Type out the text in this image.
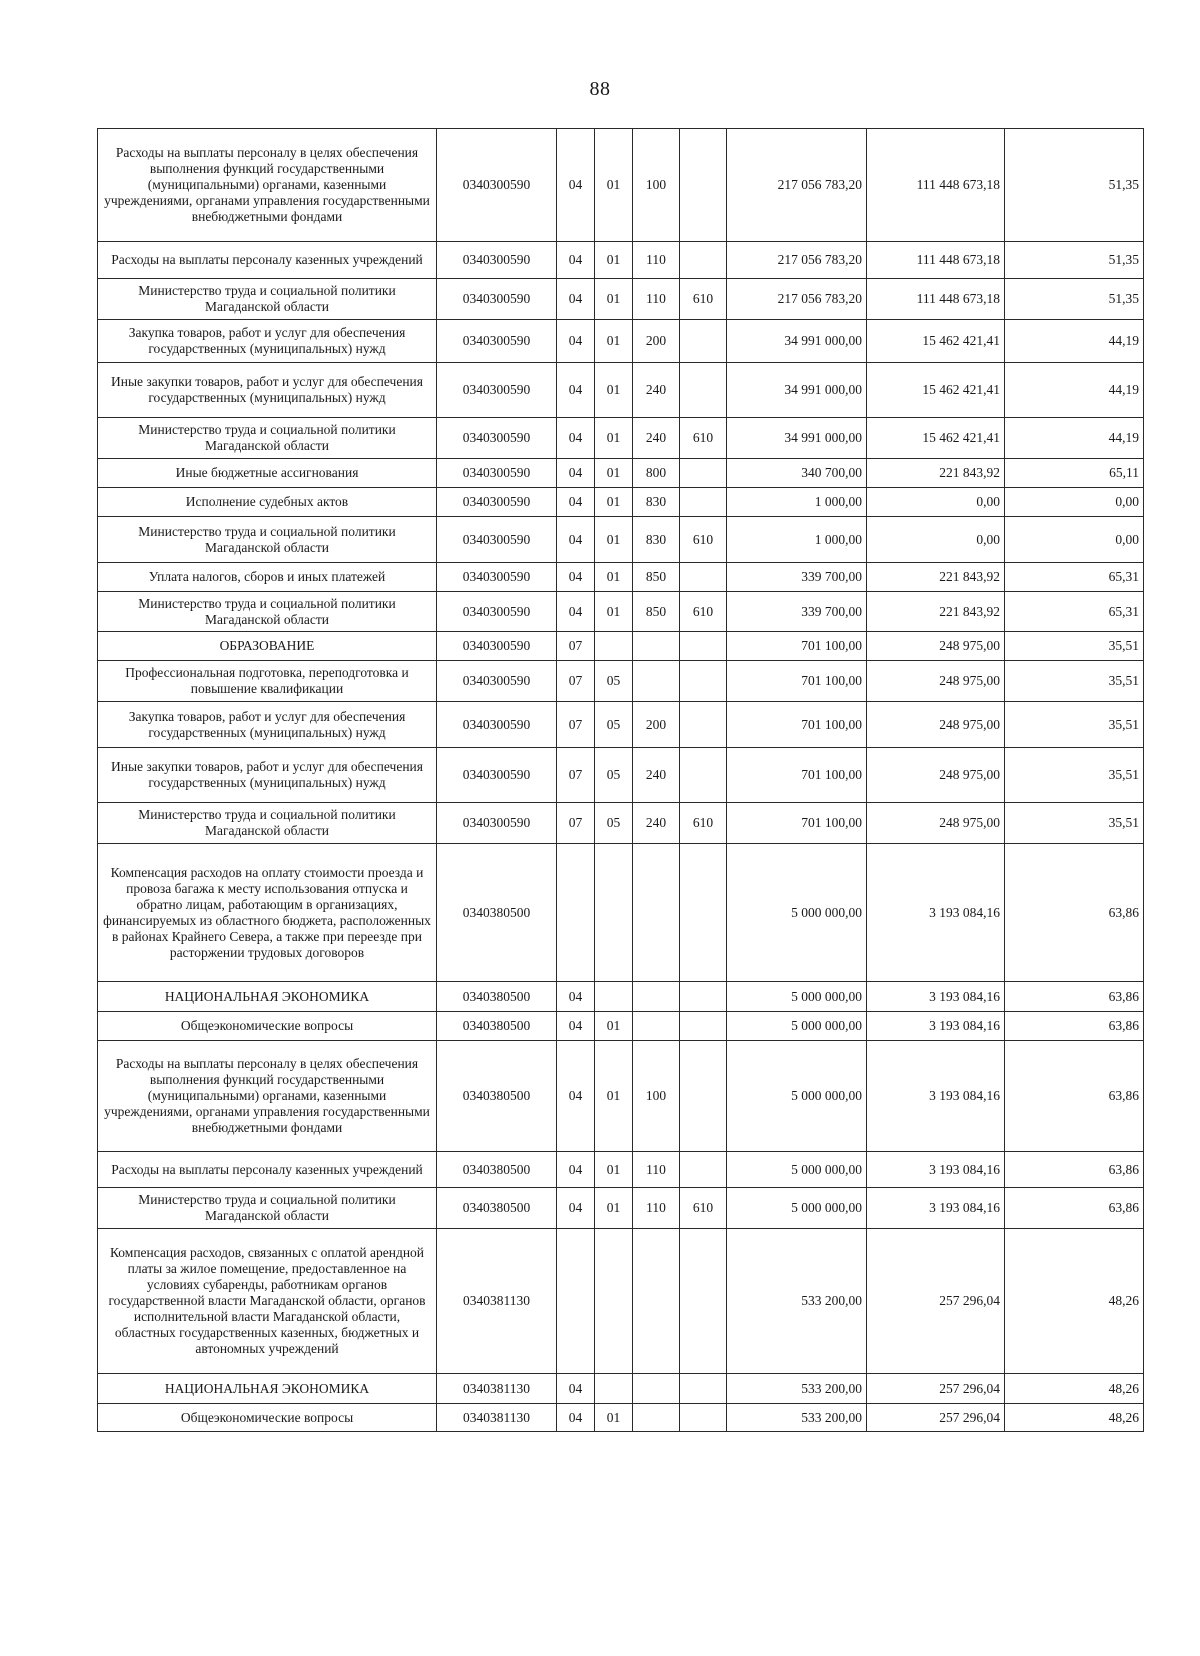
88
Расходы на выплаты персоналу в целях обеспечения выполнения функций государственными (муниципальными) органами, казенными учреждениями, органами управления государственными внебюджетными фондами	0340300590	04	01	100		217 056 783,20	111 448 673,18	51,35
Расходы на выплаты персоналу казенных учреждений	0340300590	04	01	110		217 056 783,20	111 448 673,18	51,35
Министерство труда и социальной политики Магаданской области	0340300590	04	01	110	610	217 056 783,20	111 448 673,18	51,35
Закупка товаров, работ и услуг для обеспечения государственных (муниципальных) нужд	0340300590	04	01	200		34 991 000,00	15 462 421,41	44,19
Иные закупки товаров, работ и услуг для обеспечения государственных (муниципальных) нужд	0340300590	04	01	240		34 991 000,00	15 462 421,41	44,19
Министерство труда и социальной политики Магаданской области	0340300590	04	01	240	610	34 991 000,00	15 462 421,41	44,19
Иные бюджетные ассигнования	0340300590	04	01	800		340 700,00	221 843,92	65,11
Исполнение судебных актов	0340300590	04	01	830		1 000,00	0,00	0,00
Министерство труда и социальной политики Магаданской области	0340300590	04	01	830	610	1 000,00	0,00	0,00
Уплата налогов, сборов и иных платежей	0340300590	04	01	850		339 700,00	221 843,92	65,31
Министерство труда и социальной политики Магаданской области	0340300590	04	01	850	610	339 700,00	221 843,92	65,31
ОБРАЗОВАНИЕ	0340300590	07				701 100,00	248 975,00	35,51
Профессиональная подготовка, переподготовка и повышение квалификации	0340300590	07	05			701 100,00	248 975,00	35,51
Закупка товаров, работ и услуг для обеспечения государственных (муниципальных) нужд	0340300590	07	05	200		701 100,00	248 975,00	35,51
Иные закупки товаров, работ и услуг для обеспечения государственных (муниципальных) нужд	0340300590	07	05	240		701 100,00	248 975,00	35,51
Министерство труда и социальной политики Магаданской области	0340300590	07	05	240	610	701 100,00	248 975,00	35,51
Компенсация расходов на оплату стоимости проезда и провоза багажа к месту использования отпуска и обратно лицам, работающим в организациях, финансируемых из областного бюджета, расположенных в районах Крайнего Севера, а также при переезде при расторжении трудовых договоров	0340380500					5 000 000,00	3 193 084,16	63,86
НАЦИОНАЛЬНАЯ ЭКОНОМИКА	0340380500	04				5 000 000,00	3 193 084,16	63,86
Общеэкономические вопросы	0340380500	04	01			5 000 000,00	3 193 084,16	63,86
Расходы на выплаты персоналу в целях обеспечения выполнения функций государственными (муниципальными) органами, казенными учреждениями, органами управления государственными внебюджетными фондами	0340380500	04	01	100		5 000 000,00	3 193 084,16	63,86
Расходы на выплаты персоналу казенных учреждений	0340380500	04	01	110		5 000 000,00	3 193 084,16	63,86
Министерство труда и социальной политики Магаданской области	0340380500	04	01	110	610	5 000 000,00	3 193 084,16	63,86
Компенсация расходов, связанных с оплатой арендной платы за жилое помещение, предоставленное на условиях субаренды, работникам органов государственной власти Магаданской области, органов исполнительной власти Магаданской области, областных государственных казенных, бюджетных и автономных учреждений	0340381130					533 200,00	257 296,04	48,26
НАЦИОНАЛЬНАЯ ЭКОНОМИКА	0340381130	04				533 200,00	257 296,04	48,26
Общеэкономические вопросы	0340381130	04	01			533 200,00	257 296,04	48,26
